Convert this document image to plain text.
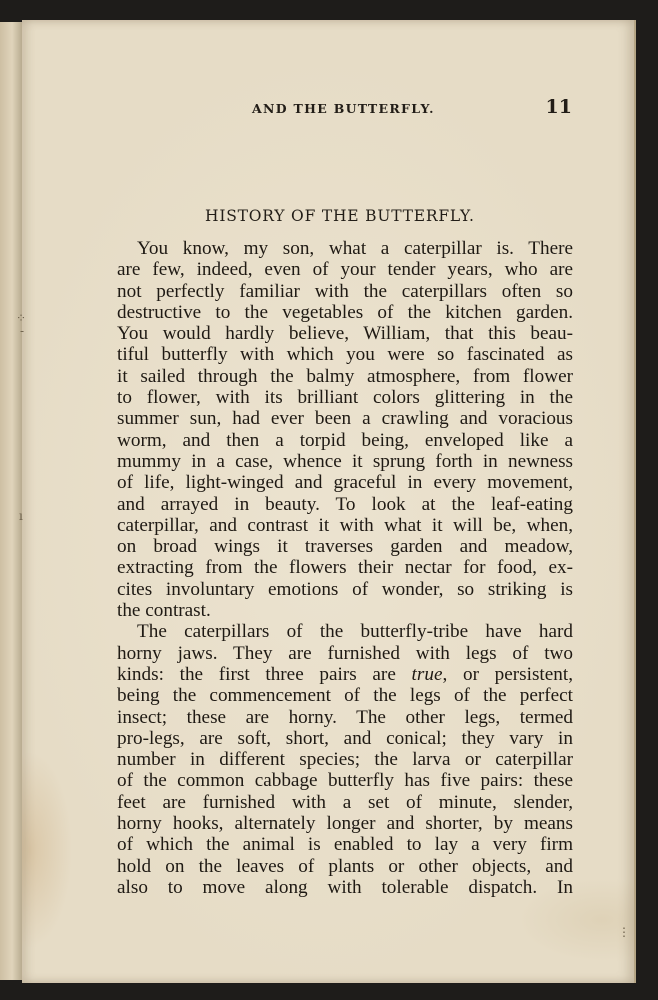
⁘
-
ı
⋮
AND THE BUTTERFLY.	11
HISTORY OF THE BUTTERFLY.
You know, my son, what a caterpillar is. There
are few, indeed, even of your tender years, who are
not perfectly familiar with the caterpillars often so
destructive to the vegetables of the kitchen garden.
You would hardly believe, William, that this beau-
tiful butterfly with which you were so fascinated as
it sailed through the balmy atmosphere, from flower
to flower, with its brilliant colors glittering in the
summer sun, had ever been a crawling and voracious
worm, and then a torpid being, enveloped like a
mummy in a case, whence it sprung forth in newness
of life, light-winged and graceful in every movement,
and arrayed in beauty. To look at the leaf-eating
caterpillar, and contrast it with what it will be, when,
on broad wings it traverses garden and meadow,
extracting from the flowers their nectar for food, ex-
cites involuntary emotions of wonder, so striking is
the contrast.
The caterpillars of the butterfly-tribe have hard
horny jaws. They are furnished with legs of two
kinds: the first three pairs are true, or persistent,
being the commencement of the legs of the perfect
insect; these are horny. The other legs, termed
pro-legs, are soft, short, and conical; they vary in
number in different species; the larva or caterpillar
of the common cabbage butterfly has five pairs: these
feet are furnished with a set of minute, slender,
horny hooks, alternately longer and shorter, by means
of which the animal is enabled to lay a very firm
hold on the leaves of plants or other objects, and
also to move along with tolerable dispatch. In
